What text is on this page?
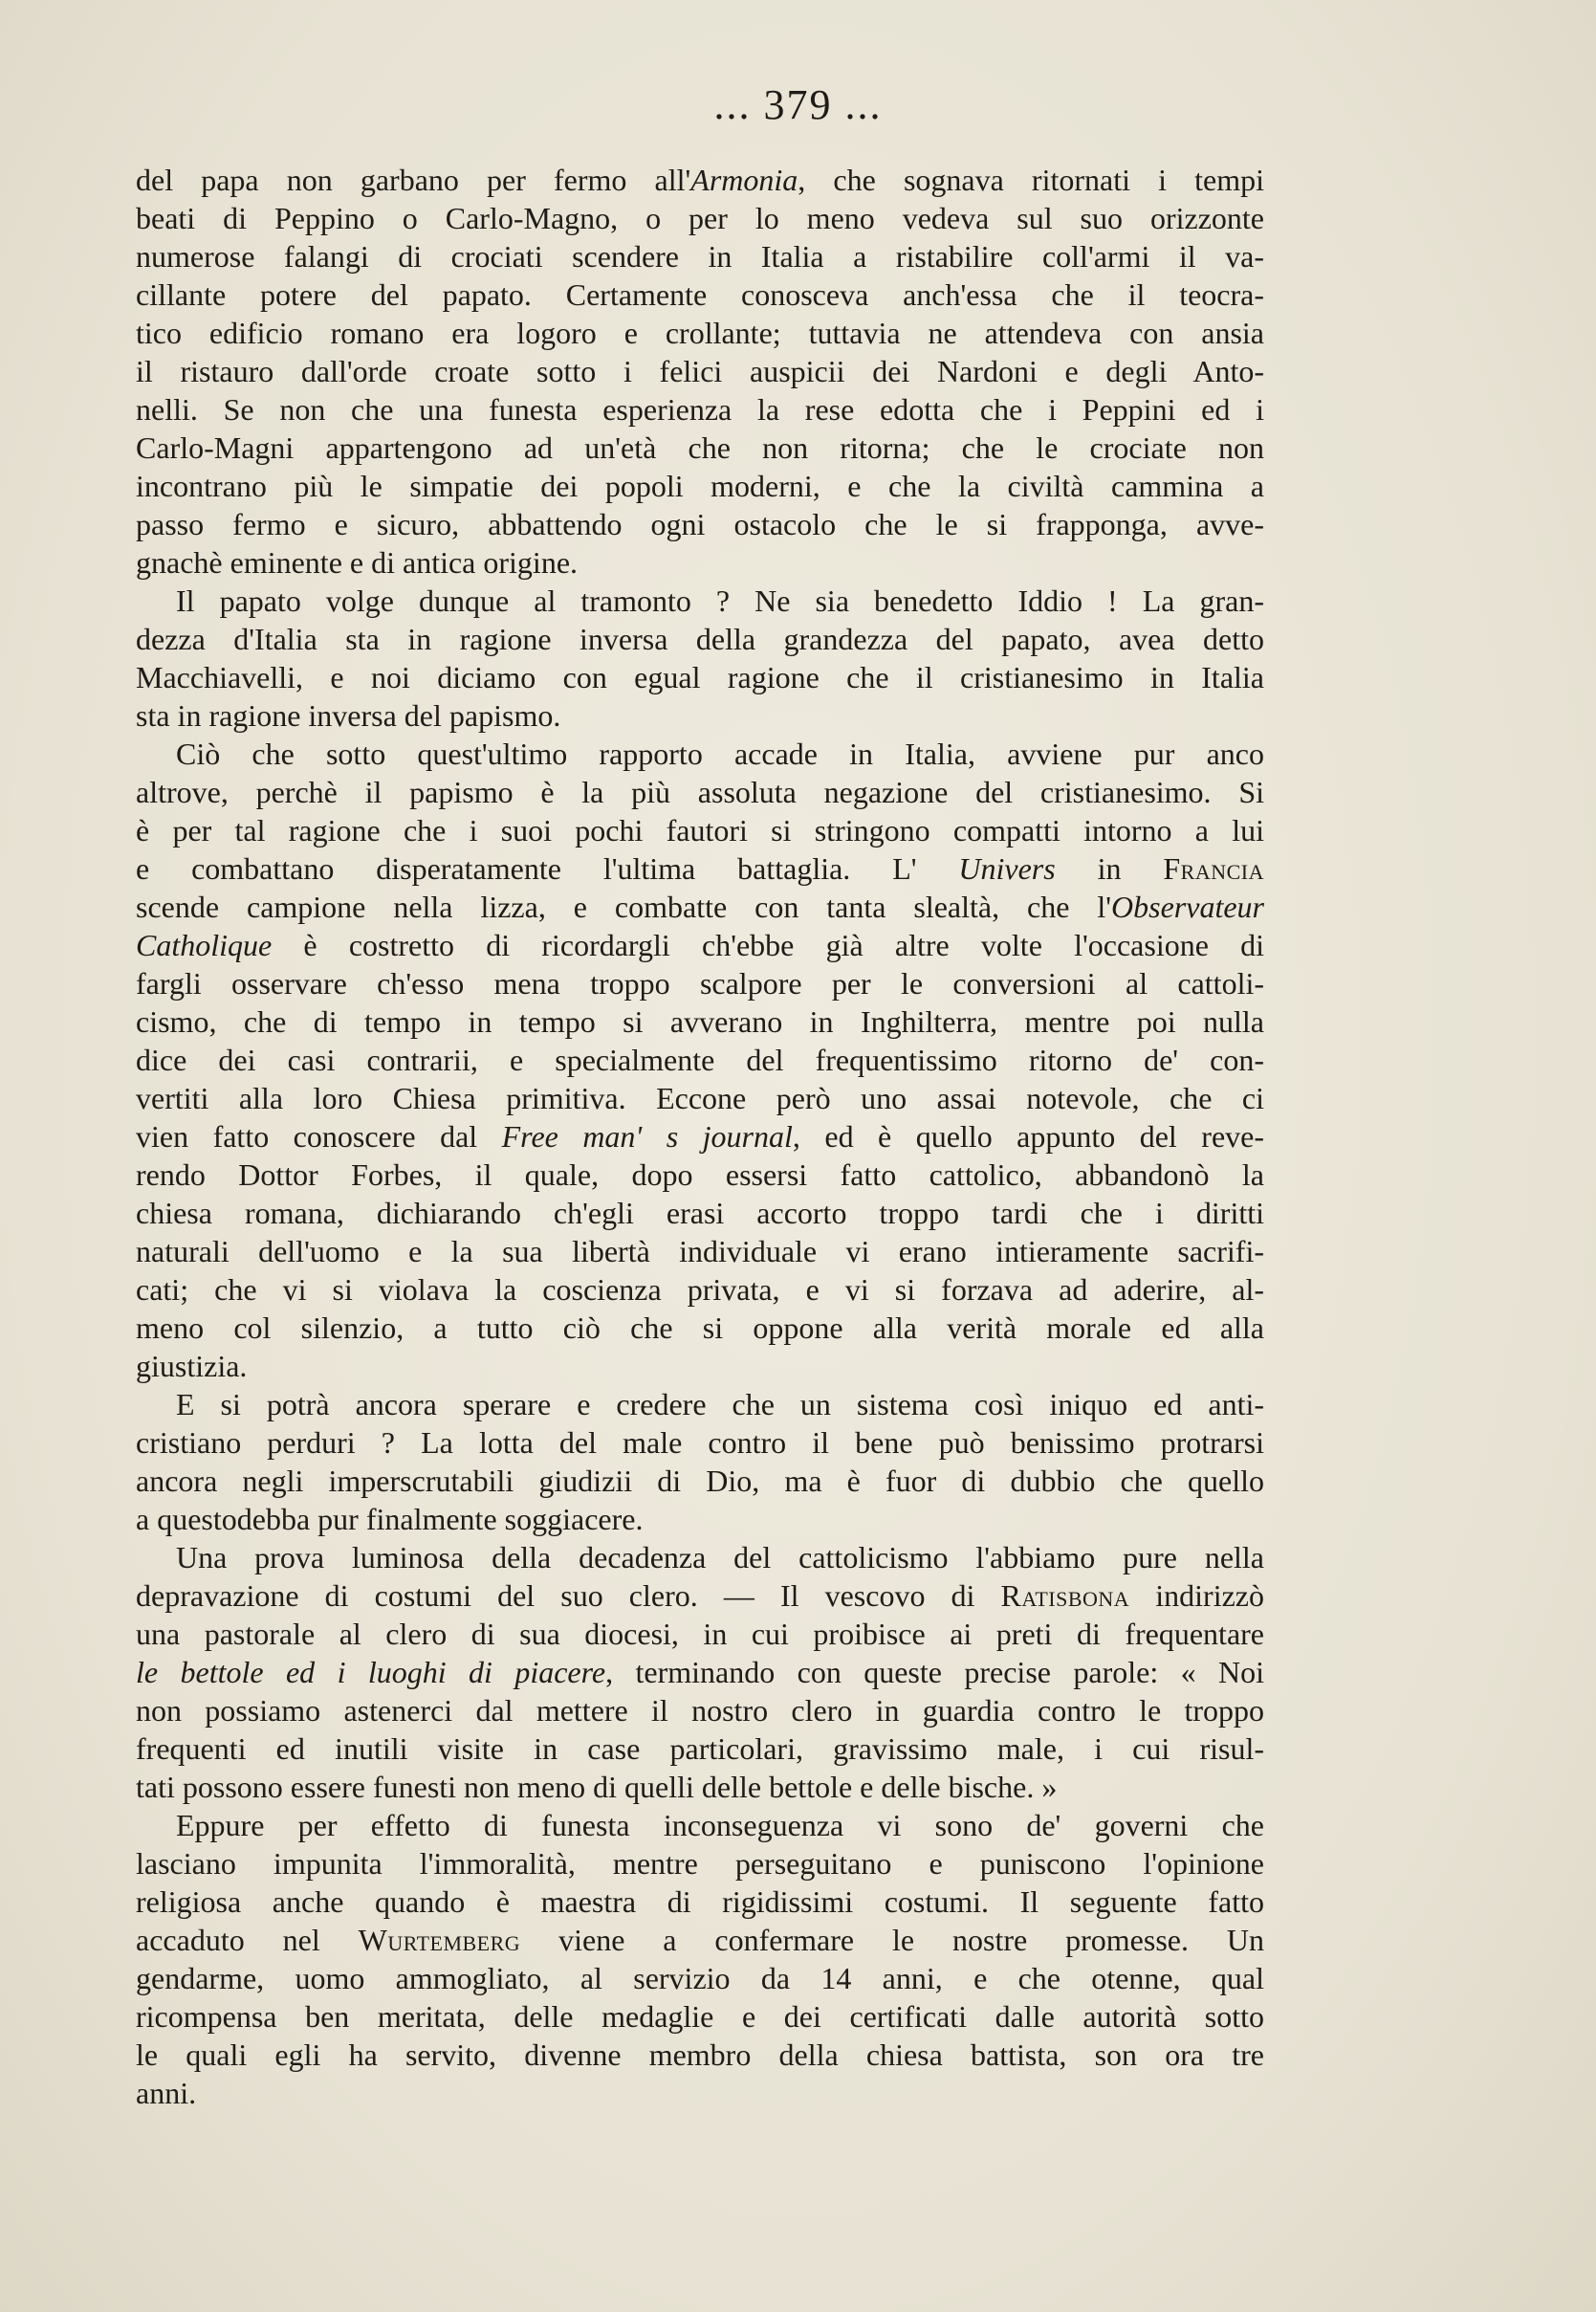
... 379 ...
del papa non garbano per fermo all'Armonia, che sognava ritornati i tempi
beati di Peppino o Carlo-Magno, o per lo meno vedeva sul suo orizzonte
numerose falangi di crociati scendere in Italia a ristabilire coll'armi il va-
cillante potere del papato. Certamente conosceva anch'essa che il teocra-
tico edificio romano era logoro e crollante; tuttavia ne attendeva con ansia
il ristauro dall'orde croate sotto i felici auspicii dei Nardoni e degli Anto-
nelli. Se non che una funesta esperienza la rese edotta che i Peppini ed i
Carlo-Magni appartengono ad un'età che non ritorna; che le crociate non
incontrano più le simpatie dei popoli moderni, e che la civiltà cammina a
passo fermo e sicuro, abbattendo ogni ostacolo che le si frapponga, avve-
gnachè eminente e di antica origine.
Il papato volge dunque al tramonto ? Ne sia benedetto Iddio ! La gran-
dezza d'Italia sta in ragione inversa della grandezza del papato, avea detto
Macchiavelli, e noi diciamo con egual ragione che il cristianesimo in Italia
sta in ragione inversa del papismo.
Ciò che sotto quest'ultimo rapporto accade in Italia, avviene pur anco
altrove, perchè il papismo è la più assoluta negazione del cristianesimo. Si
è per tal ragione che i suoi pochi fautori si stringono compatti intorno a lui
e combattano disperatamente l'ultima battaglia. L' Univers in Francia
scende campione nella lizza, e combatte con tanta slealtà, che l'Observateur
Catholique è costretto di ricordargli ch'ebbe già altre volte l'occasione di
fargli osservare ch'esso mena troppo scalpore per le conversioni al cattoli-
cismo, che di tempo in tempo si avverano in Inghilterra, mentre poi nulla
dice dei casi contrarii, e specialmente del frequentissimo ritorno de' con-
vertiti alla loro Chiesa primitiva. Eccone però uno assai notevole, che ci
vien fatto conoscere dal Free man' s journal, ed è quello appunto del reve-
rendo Dottor Forbes, il quale, dopo essersi fatto cattolico, abbandonò la
chiesa romana, dichiarando ch'egli erasi accorto troppo tardi che i diritti
naturali dell'uomo e la sua libertà individuale vi erano intieramente sacrifi-
cati; che vi si violava la coscienza privata, e vi si forzava ad aderire, al-
meno col silenzio, a tutto ciò che si oppone alla verità morale ed alla
giustizia.
E si potrà ancora sperare e credere che un sistema così iniquo ed anti-
cristiano perduri ? La lotta del male contro il bene può benissimo protrarsi
ancora negli imperscrutabili giudizii di Dio, ma è fuor di dubbio che quello
a questodebba pur finalmente soggiacere.
Una prova luminosa della decadenza del cattolicismo l'abbiamo pure nella
depravazione di costumi del suo clero. — Il vescovo di Ratisbona indirizzò
una pastorale al clero di sua diocesi, in cui proibisce ai preti di frequentare
le bettole ed i luoghi di piacere, terminando con queste precise parole: « Noi
non possiamo astenerci dal mettere il nostro clero in guardia contro le troppo
frequenti ed inutili visite in case particolari, gravissimo male, i cui risul-
tati possono essere funesti non meno di quelli delle bettole e delle bische. »
Eppure per effetto di funesta inconseguenza vi sono de' governi che
lasciano impunita l'immoralità, mentre perseguitano e puniscono l'opinione
religiosa anche quando è maestra di rigidissimi costumi. Il seguente fatto
accaduto nel Wurtemberg viene a confermare le nostre promesse. Un
gendarme, uomo ammogliato, al servizio da 14 anni, e che otenne, qual
ricompensa ben meritata, delle medaglie e dei certificati dalle autorità sotto
le quali egli ha servito, divenne membro della chiesa battista, son ora tre
anni.
